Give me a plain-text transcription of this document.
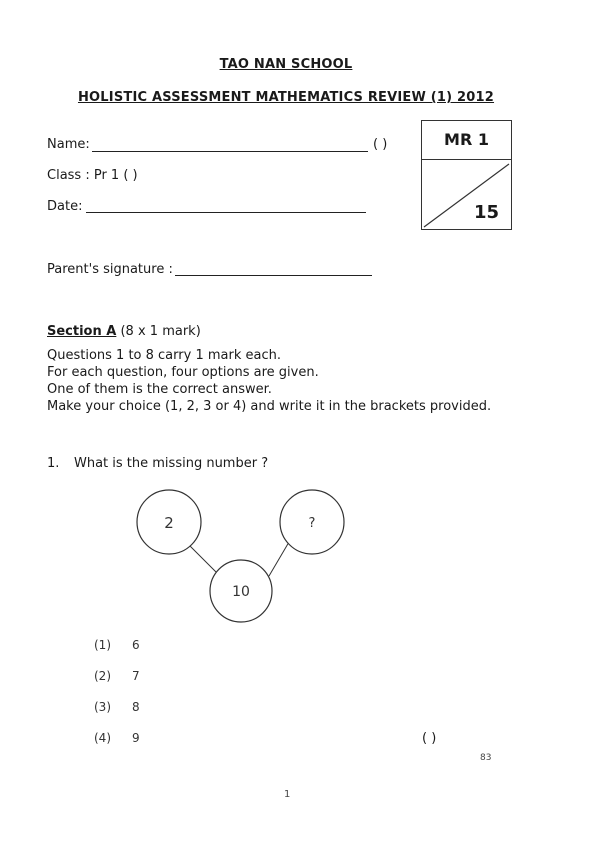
TAO NAN SCHOOL
HOLISTIC ASSESSMENT MATHEMATICS REVIEW (1) 2012
Name:	( )
Class : Pr 1 ( )
Date:
Parent's signature :
MR 1
15
Section A (8 x 1 mark)
Questions 1 to 8 carry 1 mark each.
For each question, four options are given.
One of them is the correct answer.
Make your choice (1, 2, 3 or 4) and write it in the brackets provided.
1. What is the missing number ?
2	?
10
(1) 6
(2) 7
(3) 8
(4) 9	( )
83
1
